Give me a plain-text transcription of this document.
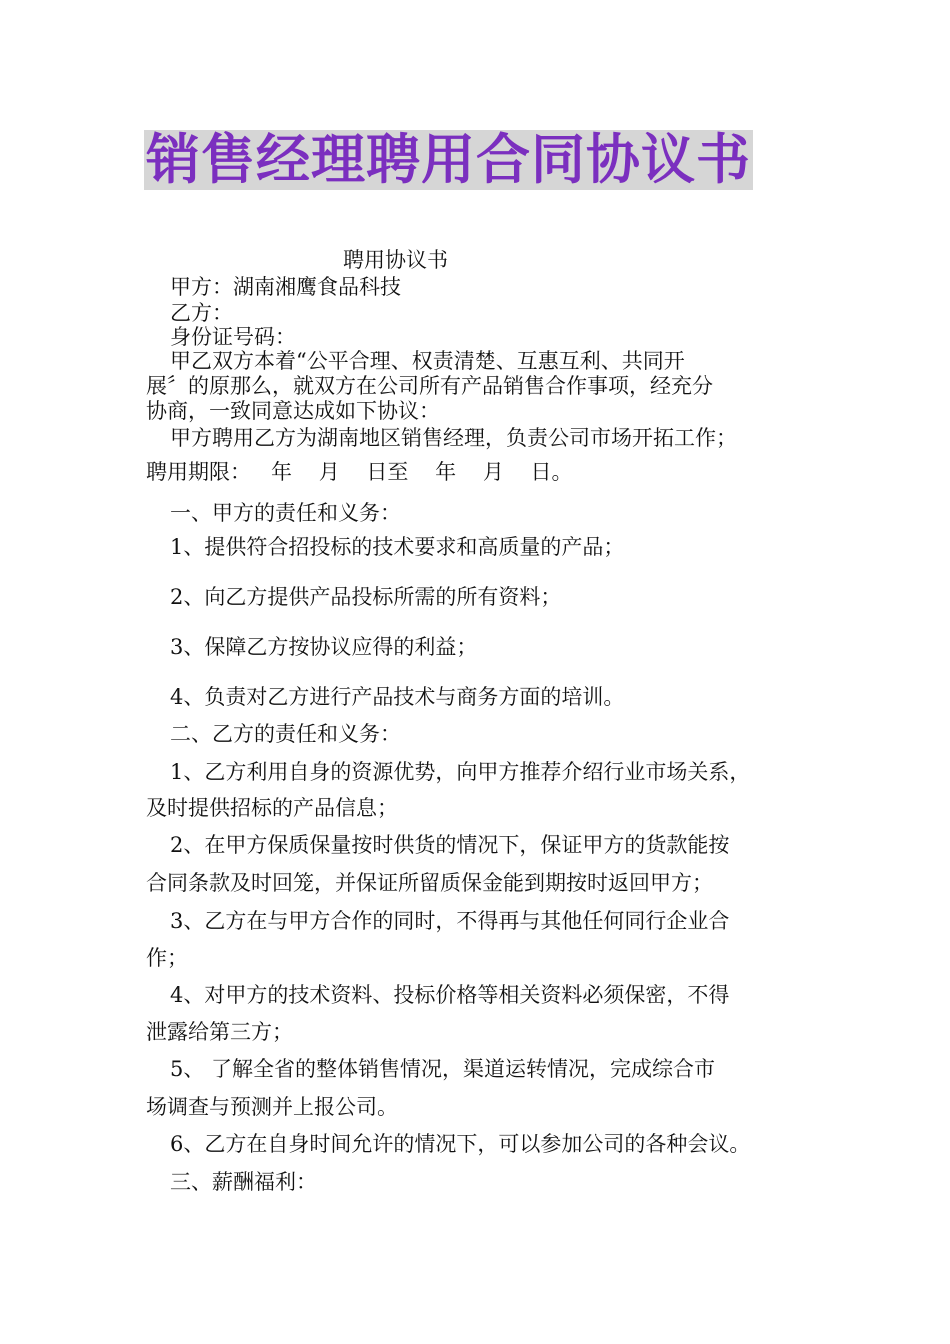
销售经理聘用合同协议书
聘用协议书
甲方：湖南湘鹰食品科技
乙方：
身份证号码：
甲乙双方本着“公平合理、权责清楚、互惠互利、共同开
展〞的原那么，就双方在公司所有产品销售合作事项，经充分
协商，一致同意达成如下协议：
甲方聘用乙方为湖南地区销售经理，负责公司市场开拓工作；
聘用期限：   年    月    日至    年    月    日。
一、甲方的责任和义务：
1、提供符合招投标的技术要求和高质量的产品；
2、向乙方提供产品投标所需的所有资料；
3、保障乙方按协议应得的利益；
4、负责对乙方进行产品技术与商务方面的培训。
二、乙方的责任和义务：
1、乙方利用自身的资源优势，向甲方推荐介绍行业市场关系，
及时提供招标的产品信息；
2、在甲方保质保量按时供货的情况下，保证甲方的货款能按
合同条款及时回笼，并保证所留质保金能到期按时返回甲方；
3、乙方在与甲方合作的同时，不得再与其他任何同行企业合
作；
4、对甲方的技术资料、投标价格等相关资料必须保密，不得
泄露给第三方；
5、 了解全省的整体销售情况，渠道运转情况，完成综合市
场调查与预测并上报公司。
6、乙方在自身时间允许的情况下，可以参加公司的各种会议。
三、薪酬福利：
